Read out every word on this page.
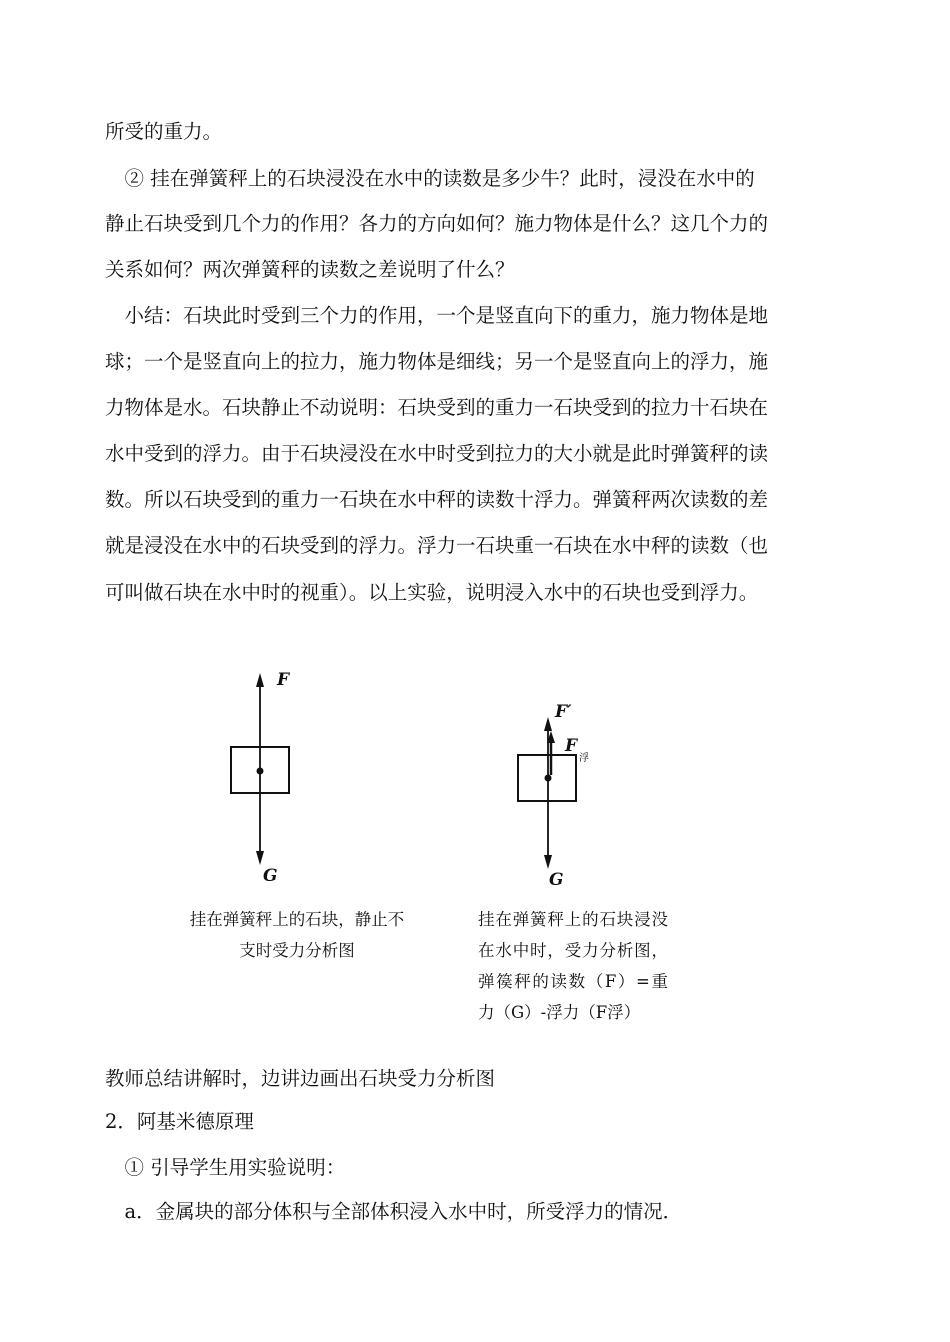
所受的重力。
　② 挂在弹簧秤上的石块浸没在水中的读数是多少牛？此时，浸没在水中的
静止石块受到几个力的作用？各力的方向如何？施力物体是什么？这几个力的
关系如何？两次弹簧秤的读数之差说明了什么？
　小结：石块此时受到三个力的作用，一个是竖直向下的重力，施力物体是地
球；一个是竖直向上的拉力，施力物体是细线；另一个是竖直向上的浮力，施
力物体是水。石块静止不动说明：石块受到的重力一石块受到的拉力十石块在
水中受到的浮力。由于石块浸没在水中时受到拉力的大小就是此时弹簧秤的读
数。所以石块受到的重力一石块在水中秤的读数十浮力。弹簧秤两次读数的差
就是浸没在水中的石块受到的浮力。浮力一石块重一石块在水中秤的读数（也
可叫做石块在水中时的视重）。以上实验，说明浸入水中的石块也受到浮力。
F
G
F′
F
浮
G
挂在弹簧秤上的石块，静止不支时受力分析图
挂在弹簧秤上的石块浸没在水中时，受力分析图，弹篌秤的读数（F）=重力（G）-浮力（F浮）
教师总结讲解时，边讲边画出石块受力分析图
2．阿基米德原理
　① 引导学生用实验说明：
　a．金属块的部分体积与全部体积浸入水中时，所受浮力的情况．
